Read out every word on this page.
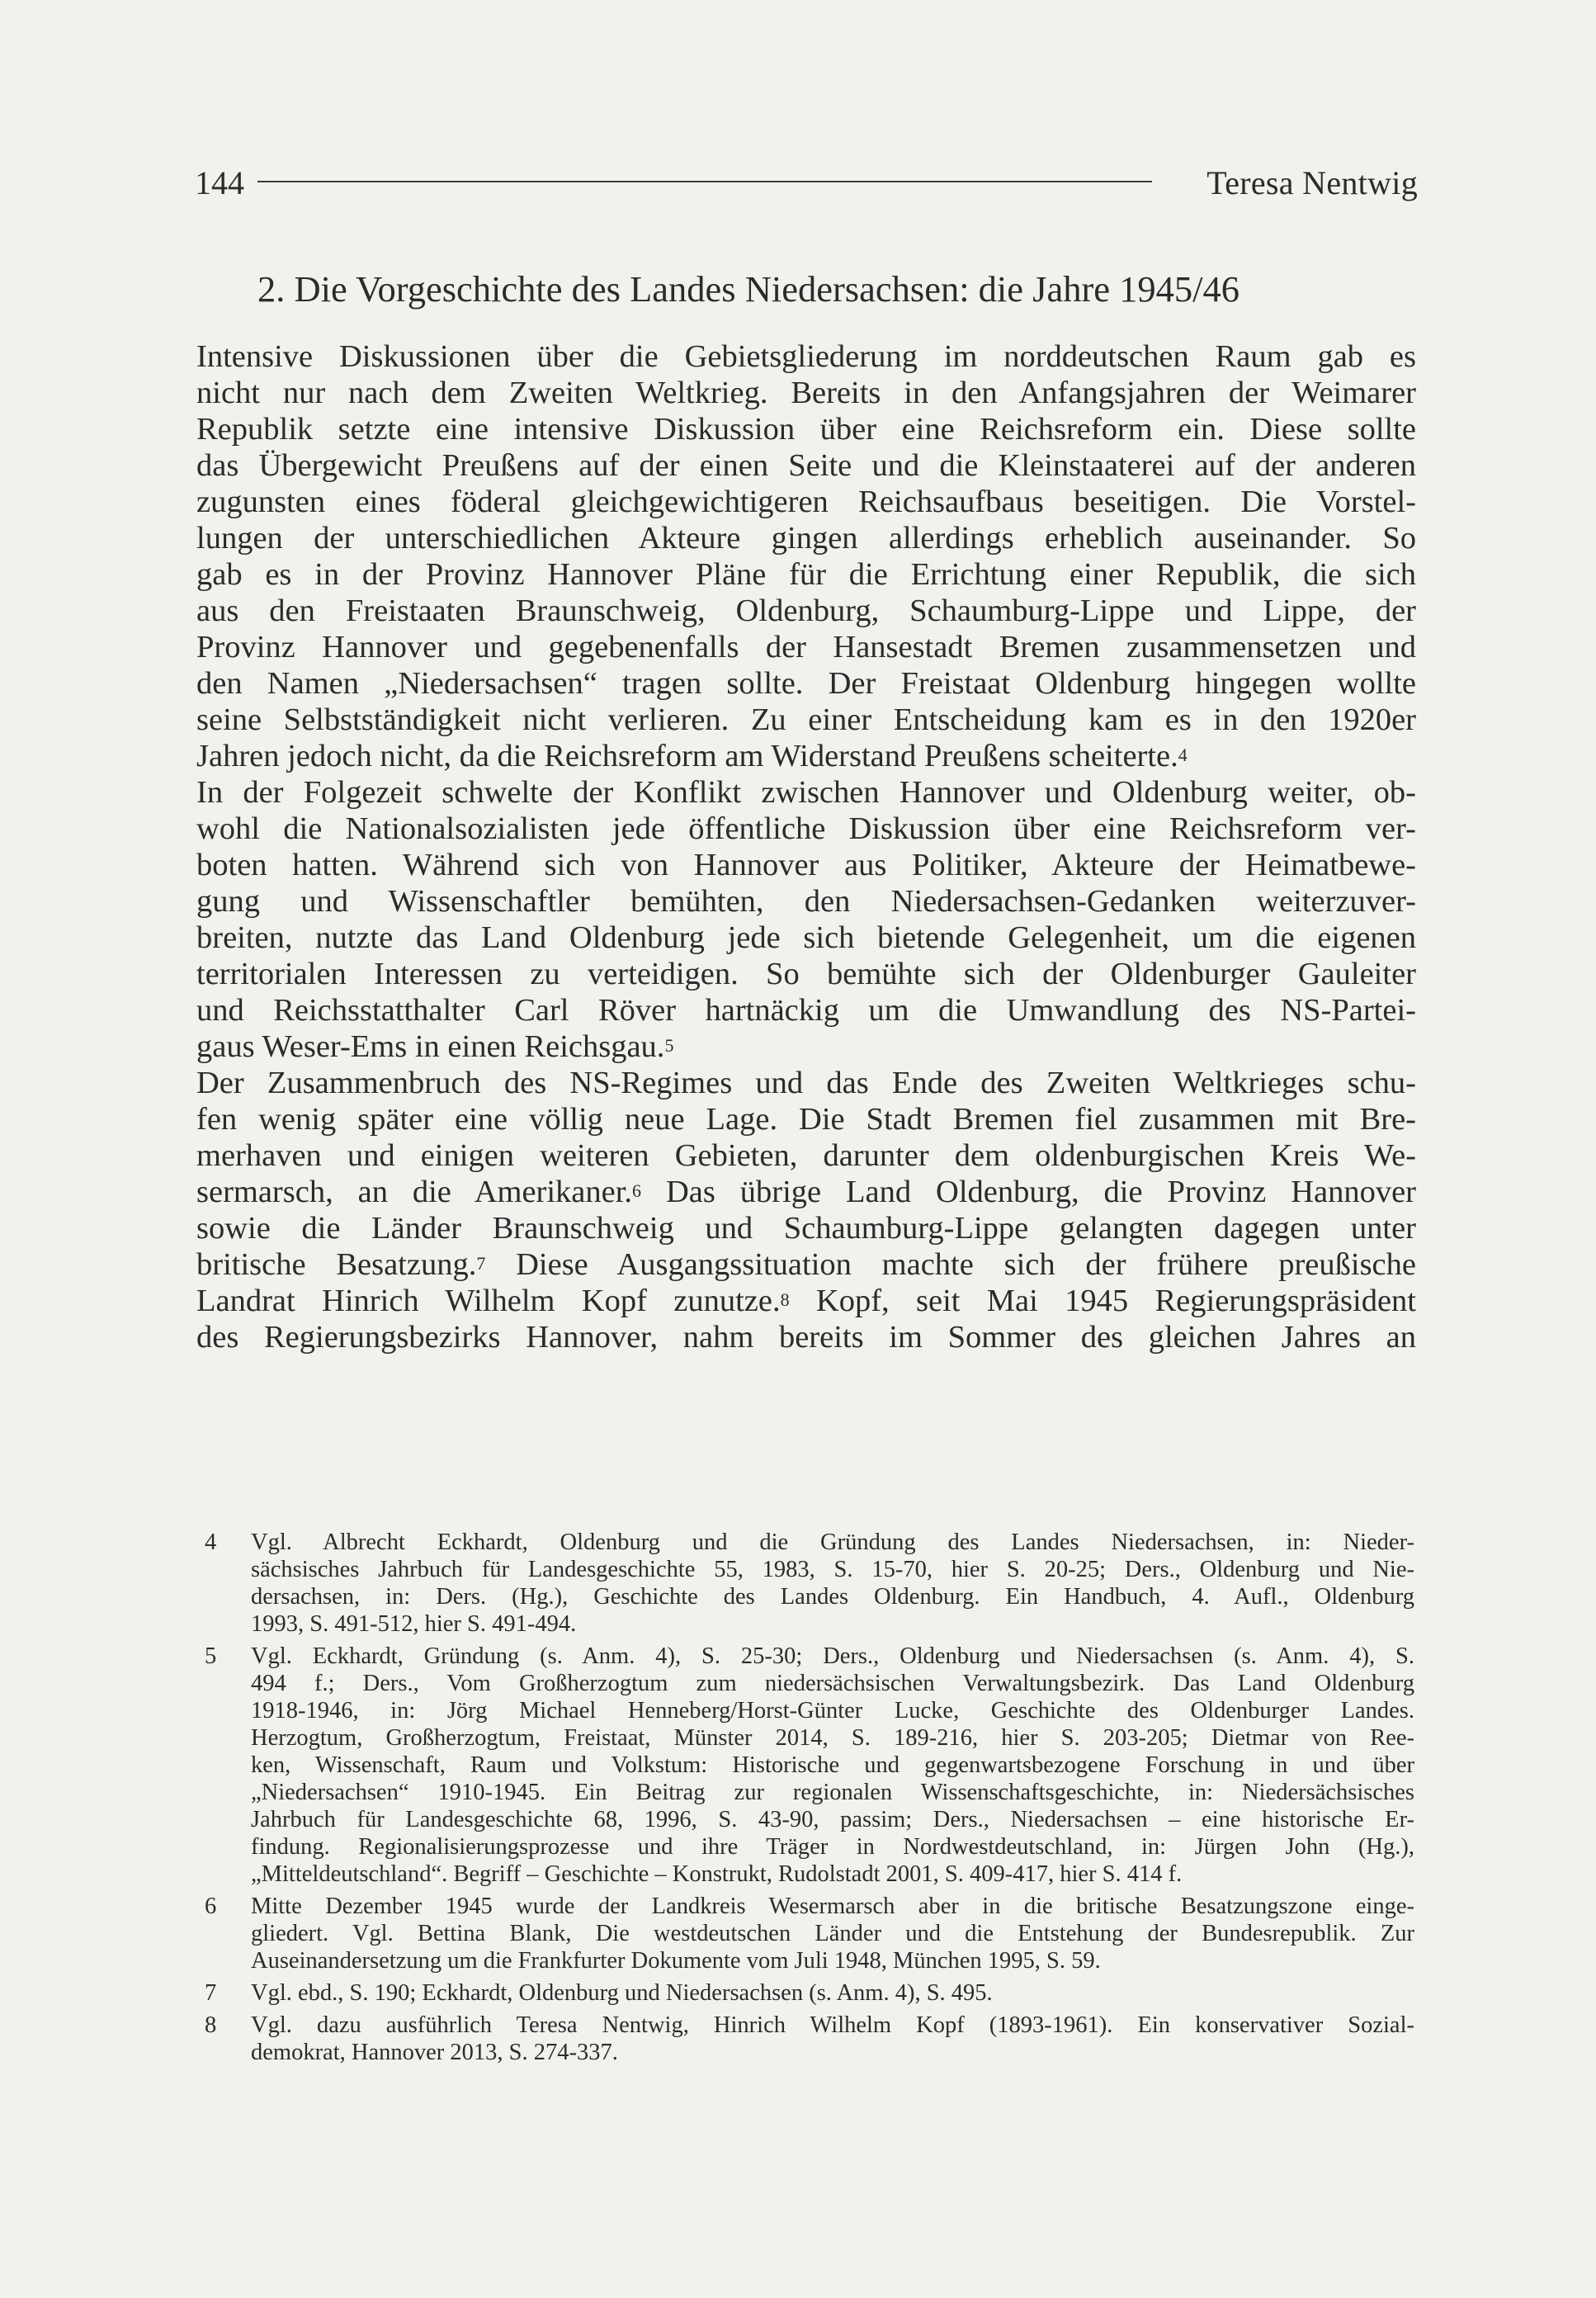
144	Teresa Nentwig
2. Die Vorgeschichte des Landes Niedersachsen: die Jahre 1945/46
Intensive Diskussionen über die Gebietsgliederung im norddeutschen Raum gab es
nicht nur nach dem Zweiten Weltkrieg. Bereits in den Anfangsjahren der Weimarer
Republik setzte eine intensive Diskussion über eine Reichsreform ein. Diese sollte
das Übergewicht Preußens auf der einen Seite und die Kleinstaaterei auf der anderen
zugunsten eines föderal gleichgewichtigeren Reichsaufbaus beseitigen. Die Vorstel-
lungen der unterschiedlichen Akteure gingen allerdings erheblich auseinander. So
gab es in der Provinz Hannover Pläne für die Errichtung einer Republik, die sich
aus den Freistaaten Braunschweig, Oldenburg, Schaumburg-Lippe und Lippe, der
Provinz Hannover und gegebenenfalls der Hansestadt Bremen zusammensetzen und
den Namen „Niedersachsen“ tragen sollte. Der Freistaat Oldenburg hingegen wollte
seine Selbstständigkeit nicht verlieren. Zu einer Entscheidung kam es in den 1920er
Jahren jedoch nicht, da die Reichsreform am Widerstand Preußens scheiterte.$^4$
In der Folgezeit schwelte der Konflikt zwischen Hannover und Oldenburg weiter, ob-
wohl die Nationalsozialisten jede öffentliche Diskussion über eine Reichsreform ver-
boten hatten. Während sich von Hannover aus Politiker, Akteure der Heimatbewe-
gung und Wissenschaftler bemühten, den Niedersachsen-Gedanken weiterzuver-
breiten, nutzte das Land Oldenburg jede sich bietende Gelegenheit, um die eigenen
territorialen Interessen zu verteidigen. So bemühte sich der Oldenburger Gauleiter
und Reichsstatthalter Carl Röver hartnäckig um die Umwandlung des NS-Partei-
gaus Weser-Ems in einen Reichsgau.$^5$
Der Zusammenbruch des NS-Regimes und das Ende des Zweiten Weltkrieges schu-
fen wenig später eine völlig neue Lage. Die Stadt Bremen fiel zusammen mit Bre-
merhaven und einigen weiteren Gebieten, darunter dem oldenburgischen Kreis We-
sermarsch, an die Amerikaner.$^6$ Das übrige Land Oldenburg, die Provinz Hannover
sowie die Länder Braunschweig und Schaumburg-Lippe gelangten dagegen unter
britische Besatzung.$^7$ Diese Ausgangssituation machte sich der frühere preußische
Landrat Hinrich Wilhelm Kopf zunutze.$^8$ Kopf, seit Mai 1945 Regierungspräsident
des Regierungsbezirks Hannover, nahm bereits im Sommer des gleichen Jahres an
4 Vgl. Albrecht Eckhardt, Oldenburg und die Gründung des Landes Niedersachsen, in: Nieder-
sächsisches Jahrbuch für Landesgeschichte 55, 1983, S. 15-70, hier S. 20-25; Ders., Oldenburg und Nie-
dersachsen, in: Ders. (Hg.), Geschichte des Landes Oldenburg. Ein Handbuch, 4. Aufl., Oldenburg
1993, S. 491-512, hier S. 491-494.
5 Vgl. Eckhardt, Gründung (s. Anm. 4), S. 25-30; Ders., Oldenburg und Niedersachsen (s. Anm. 4), S.
494 f.; Ders., Vom Großherzogtum zum niedersächsischen Verwaltungsbezirk. Das Land Oldenburg
1918-1946, in: Jörg Michael Henneberg/Horst-Günter Lucke, Geschichte des Oldenburger Landes.
Herzogtum, Großherzogtum, Freistaat, Münster 2014, S. 189-216, hier S. 203-205; Dietmar von Ree-
ken, Wissenschaft, Raum und Volkstum: Historische und gegenwartsbezogene Forschung in und über
„Niedersachsen“ 1910-1945. Ein Beitrag zur regionalen Wissenschaftsgeschichte, in: Niedersächsisches
Jahrbuch für Landesgeschichte 68, 1996, S. 43-90, passim; Ders., Niedersachsen – eine historische Er-
findung. Regionalisierungsprozesse und ihre Träger in Nordwestdeutschland, in: Jürgen John (Hg.),
„Mitteldeutschland“. Begriff – Geschichte – Konstrukt, Rudolstadt 2001, S. 409-417, hier S. 414 f.
6 Mitte Dezember 1945 wurde der Landkreis Wesermarsch aber in die britische Besatzungszone einge-
gliedert. Vgl. Bettina Blank, Die westdeutschen Länder und die Entstehung der Bundesrepublik. Zur
Auseinandersetzung um die Frankfurter Dokumente vom Juli 1948, München 1995, S. 59.
7 Vgl. ebd., S. 190; Eckhardt, Oldenburg und Niedersachsen (s. Anm. 4), S. 495.
8 Vgl. dazu ausführlich Teresa Nentwig, Hinrich Wilhelm Kopf (1893-1961). Ein konservativer Sozial-
demokrat, Hannover 2013, S. 274-337.
